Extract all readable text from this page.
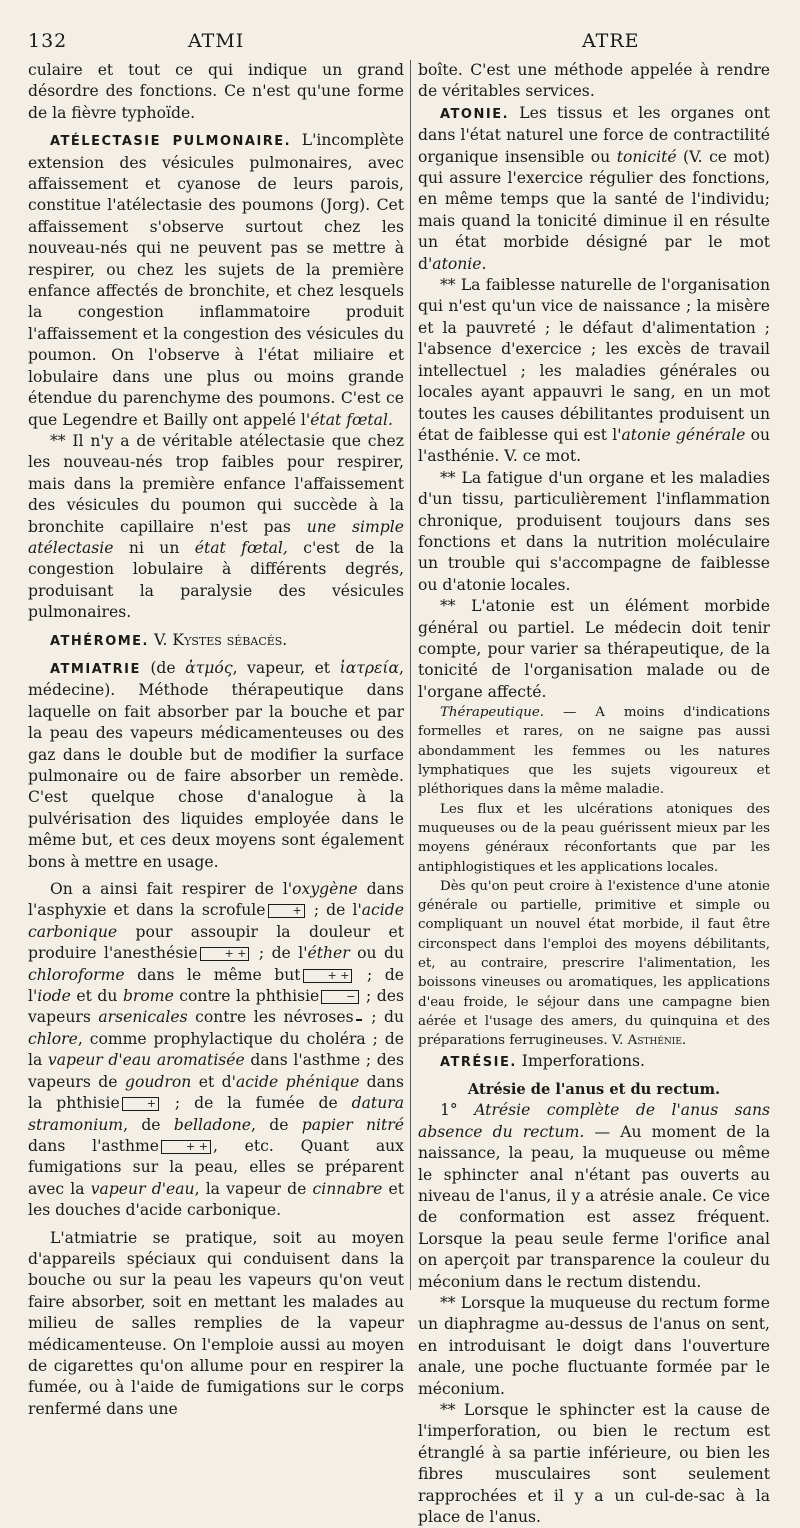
132	ATMI	ATRE

culaire et tout ce qui indique un grand désordre des fonctions. Ce n'est qu'une forme de la fièvre typhoïde.

ATÉLECTASIE PULMONAIRE. L'incomplète extension des vésicules pulmonaires, avec affaissement et cyanose de leurs parois, constitue l'atélectasie des poumons (Jorg). Cet affaissement s'observe surtout chez les nouveau-nés qui ne peuvent pas se mettre à respirer, ou chez les sujets de la première enfance affectés de bronchite, et chez lesquels la congestion inflammatoire produit l'affaissement et la congestion des vésicules du poumon. On l'observe à l'état miliaire et lobulaire dans une plus ou moins grande étendue du parenchyme des poumons. C'est ce que Legendre et Bailly ont appelé l'état fœtal.

** Il n'y a de véritable atélectasie que chez les nouveau-nés trop faibles pour respirer, mais dans la première enfance l'affaissement des vésicules du poumon qui succède à la bronchite capillaire n'est pas une simple atélectasie ni un état fœtal, c'est de la congestion lobulaire à différents degrés, produisant la paralysie des vésicules pulmonaires.

ATHÉROME. V. Kystes sébacés.

ATMIATRIE (de ἀτμός, vapeur, et ἰατρεία, médecine). Méthode thérapeutique dans laquelle on fait absorber par la bouche et par la peau des vapeurs médicamenteuses ou des gaz dans le double but de modifier la surface pulmonaire ou de faire absorber un remède. C'est quelque chose d'analogue à la pulvérisation des liquides employée dans le même but, et ces deux moyens sont également bons à mettre en usage.

On a ainsi fait respirer de l'oxygène dans l'asphyxie et dans la scrofule + ; de l'acide carbonique pour assoupir la douleur et produire l'anesthésie + + ; de l'éther ou du chloroforme dans le même but + + ; de l'iode et du brome contre la phthisie − ; des vapeurs arsenicales contre les névroses ; du chlore, comme prophylactique du choléra ; de la vapeur d'eau aromatisée dans l'asthme ; des vapeurs de goudron et d'acide phénique dans la phthisie + ; de la fumée de datura stramonium, de belladone, de papier nitré dans l'asthme + + , etc. Quant aux fumigations sur la peau, elles se préparent avec la vapeur d'eau, la vapeur de cinnabre et les douches d'acide carbonique.

L'atmiatrie se pratique, soit au moyen d'appareils spéciaux qui conduisent dans la bouche ou sur la peau les vapeurs qu'on veut faire absorber, soit en mettant les malades au milieu de salles remplies de la vapeur médicamenteuse. On l'emploie aussi au moyen de cigarettes qu'on allume pour en respirer la fumée, ou à l'aide de fumigations sur le corps renfermé dans une

boîte. C'est une méthode appelée à rendre de véritables services.

ATONIE. Les tissus et les organes ont dans l'état naturel une force de contractilité organique insensible ou tonicité (V. ce mot) qui assure l'exercice régulier des fonctions, en même temps que la santé de l'individu; mais quand la tonicité diminue il en résulte un état morbide désigné par le mot d'atonie.

** La faiblesse naturelle de l'organisation qui n'est qu'un vice de naissance ; la misère et la pauvreté ; le défaut d'alimentation ; l'absence d'exercice ; les excès de travail intellectuel ; les maladies générales ou locales ayant appauvri le sang, en un mot toutes les causes débilitantes produisent un état de faiblesse qui est l'atonie générale ou l'asthénie. V. ce mot.

** La fatigue d'un organe et les maladies d'un tissu, particulièrement l'inflammation chronique, produisent toujours dans ses fonctions et dans la nutrition moléculaire un trouble qui s'accompagne de faiblesse ou d'atonie locales.

** L'atonie est un élément morbide général ou partiel. Le médecin doit tenir compte, pour varier sa thérapeutique, de la tonicité de l'organisation malade ou de l'organe affecté.

Thérapeutique. — A moins d'indications formelles et rares, on ne saigne pas aussi abondamment les femmes ou les natures lymphatiques que les sujets vigoureux et pléthoriques dans la même maladie.

Les flux et les ulcérations atoniques des muqueuses ou de la peau guérissent mieux par les moyens généraux réconfortants que par les antiphlogistiques et les applications locales.

Dès qu'on peut croire à l'existence d'une atonie générale ou partielle, primitive et simple ou compliquant un nouvel état morbide, il faut être circonspect dans l'emploi des moyens débilitants, et, au contraire, prescrire l'alimentation, les boissons vineuses ou aromatiques, les applications d'eau froide, le séjour dans une campagne bien aérée et l'usage des amers, du quinquina et des préparations ferrugineuses. V. Asthénie.

ATRÉSIE. Imperforations.

Atrésie de l'anus et du rectum.

1° Atrésie complète de l'anus sans absence du rectum. — Au moment de la naissance, la peau, la muqueuse ou même le sphincter anal n'étant pas ouverts au niveau de l'anus, il y a atrésie anale. Ce vice de conformation est assez fréquent. Lorsque la peau seule ferme l'orifice anal on aperçoit par transparence la couleur du méconium dans le rectum distendu.

** Lorsque la muqueuse du rectum forme un diaphragme au-dessus de l'anus on sent, en introduisant le doigt dans l'ouverture anale, une poche fluctuante formée par le méconium.

** Lorsque le sphincter est la cause de l'imperforation, ou bien le rectum est étranglé à sa partie inférieure, ou bien les fibres musculaires sont seulement rapprochées et il y a un cul-de-sac à la place de l'anus.
